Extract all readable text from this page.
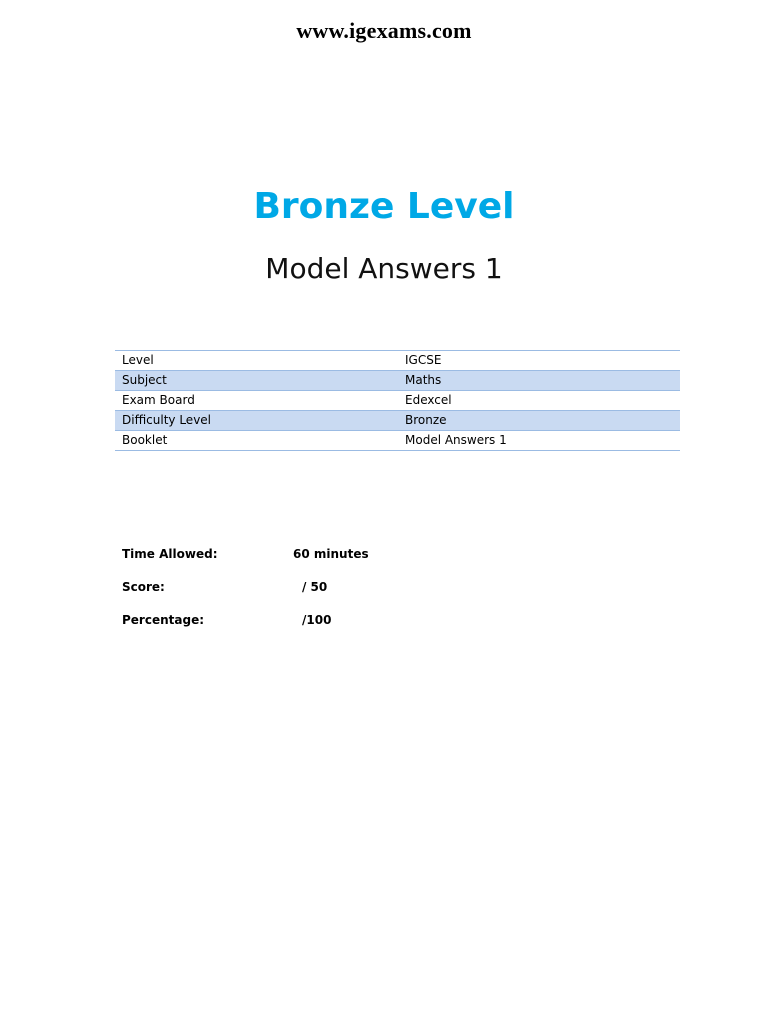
www.igexams.com
Bronze Level
Model Answers 1
Level	IGCSE
Subject	Maths
Exam Board	Edexcel
Difficulty Level	Bronze
Booklet	Model Answers 1
Time Allowed:	60 minutes
Score:	/ 50
Percentage:	/100
